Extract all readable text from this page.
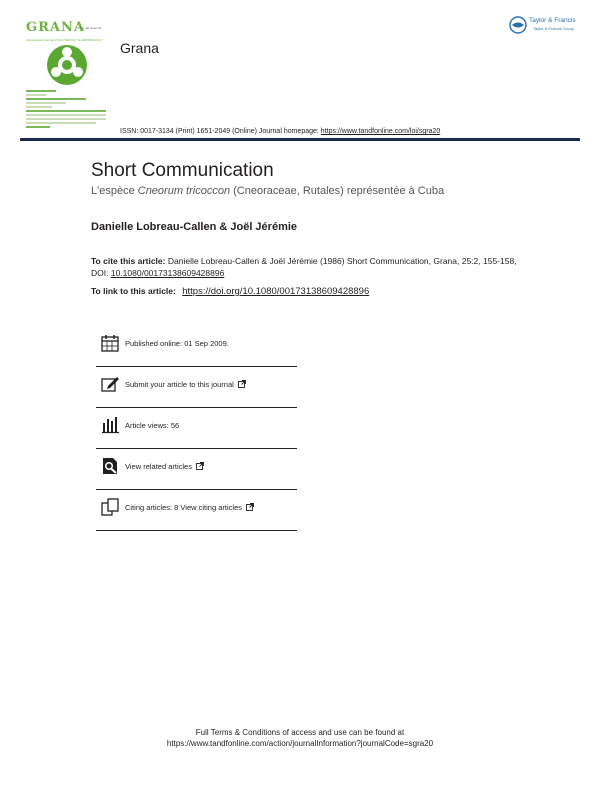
GRANA
Vol. 00 Issue 00
International Journal of PALYNOLOGY & AEROBIOLOGY Grana
Taylor & Francis
Taylor & Francis Group
ISSN: 0017-3134 (Print) 1651-2049 (Online) Journal homepage: https://www.tandfonline.com/loi/sgra20
Short Communication
L'espèce Cneorum tricoccon (Cneoraceae, Rutales) représentée à Cuba
Danielle Lobreau-Callen & Joël Jérémie
To cite this article: Danielle Lobreau-Callen & Joël Jérémie (1986) Short Communication, Grana, 25:2, 155-158, DOI: 10.1080/00173138609428896
To link to this article: https://doi.org/10.1080/00173138609428896
Published online: 01 Sep 2009.
Submit your article to this journal
Article views: 56
View related articles
Citing articles: 8 View citing articles
Full Terms & Conditions of access and use can be found at
https://www.tandfonline.com/action/journalInformation?journalCode=sgra20
